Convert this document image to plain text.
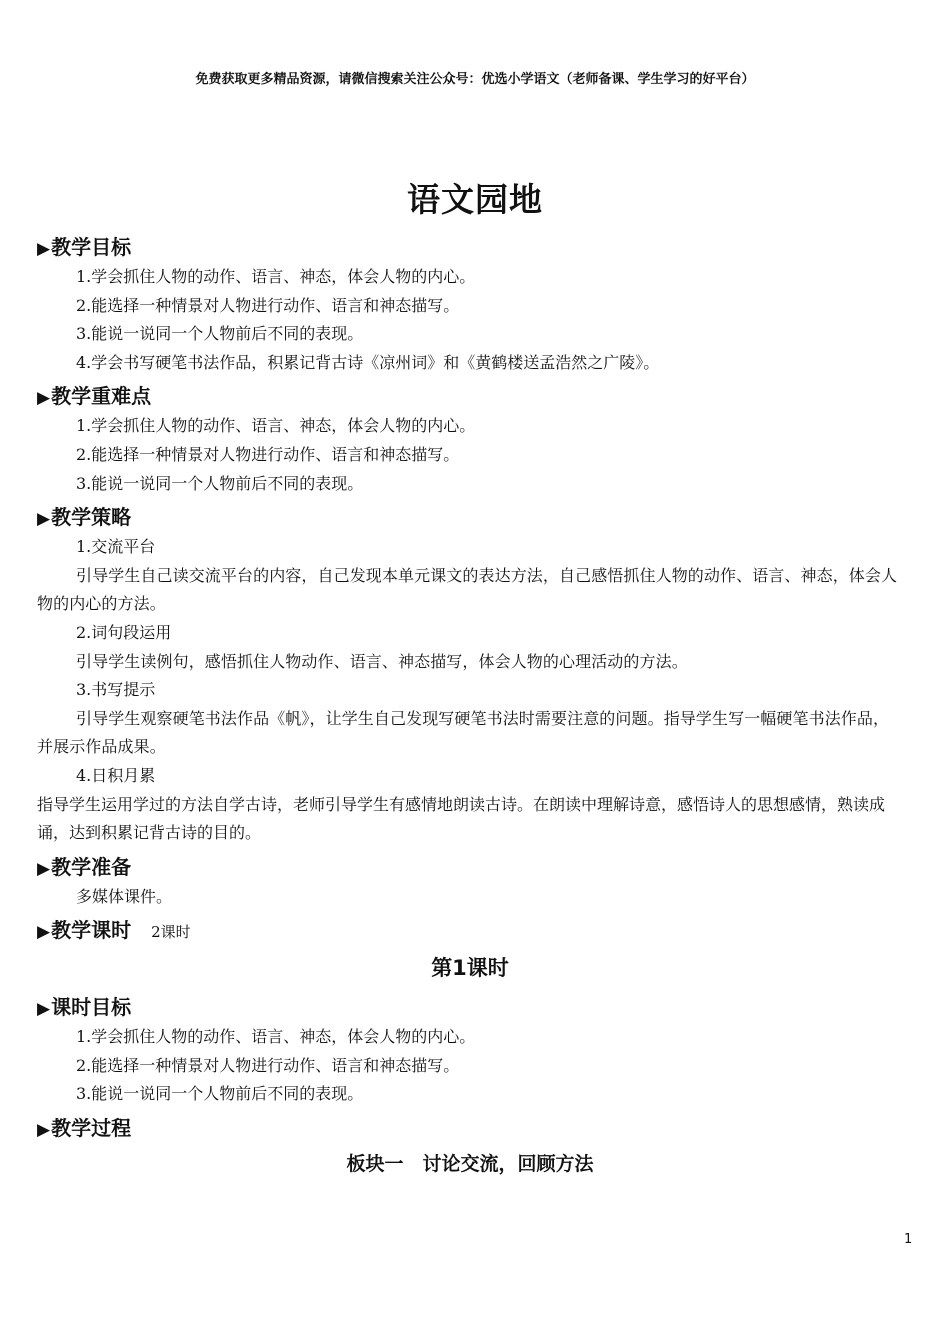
免费获取更多精品资源，请微信搜索关注公众号：优选小学语文（老师备课、学生学习的好平台）
语文园地
▶教学目标
1.学会抓住人物的动作、语言、神态，体会人物的内心。
2.能选择一种情景对人物进行动作、语言和神态描写。
3.能说一说同一个人物前后不同的表现。
4.学会书写硬笔书法作品，积累记背古诗《凉州词》和《黄鹤楼送孟浩然之广陵》。
▶教学重难点
1.学会抓住人物的动作、语言、神态，体会人物的内心。
2.能选择一种情景对人物进行动作、语言和神态描写。
3.能说一说同一个人物前后不同的表现。
▶教学策略
1.交流平台
引导学生自己读交流平台的内容，自己发现本单元课文的表达方法，自己感悟抓住人物的动作、语言、神态，体会人物的内心的方法。
2.词句段运用
引导学生读例句，感悟抓住人物动作、语言、神态描写，体会人物的心理活动的方法。
3.书写提示
引导学生观察硬笔书法作品《帆》，让学生自己发现写硬笔书法时需要注意的问题。指导学生写一幅硬笔书法作品，并展示作品成果。
4.日积月累
指导学生运用学过的方法自学古诗，老师引导学生有感情地朗读古诗。在朗读中理解诗意，感悟诗人的思想感情，熟读成诵，达到积累记背古诗的目的。
▶教学准备
多媒体课件。
▶教学课时 2课时
第1课时
▶课时目标
1.学会抓住人物的动作、语言、神态，体会人物的内心。
2.能选择一种情景对人物进行动作、语言和神态描写。
3.能说一说同一个人物前后不同的表现。
▶教学过程
板块一　讨论交流，回顾方法
1
